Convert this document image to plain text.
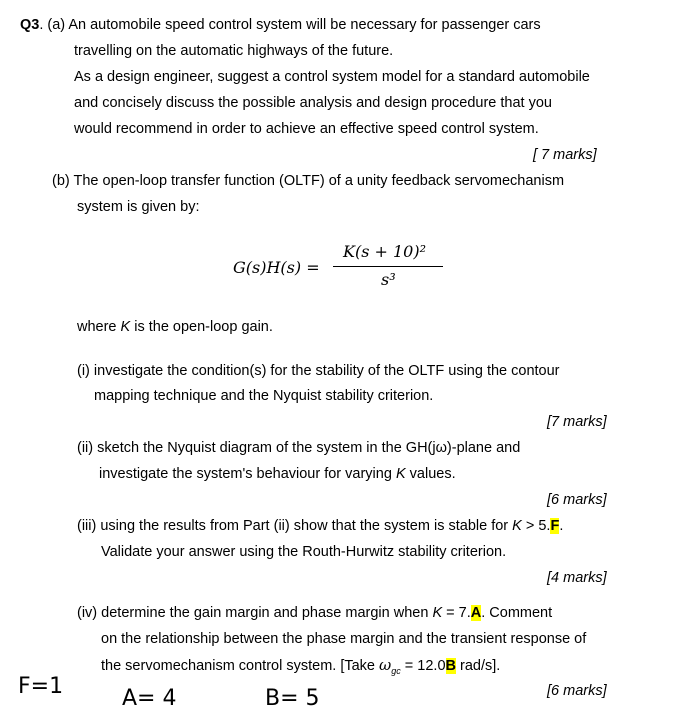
Q3. (a) An automobile speed control system will be necessary for passenger cars
travelling on the automatic highways of the future.
As a design engineer, suggest a control system model for a standard automobile
and concisely discuss the possible analysis and design procedure that you
would recommend in order to achieve an effective speed control system.
[ 7 marks]
(b) The open-loop transfer function (OLTF) of a unity feedback servomechanism
system is given by:
G(s)H(s) =
K(s + 10)²
s³
where K is the open-loop gain.
(i) investigate the condition(s) for the stability of the OLTF using the contour
mapping technique and the Nyquist stability criterion.
[7 marks]
(ii) sketch the Nyquist diagram of the system in the GH(jω)-plane and
investigate the system's behaviour for varying K values.
[6 marks]
(iii) using the results from Part (ii) show that the system is stable for K > 5.F.
Validate your answer using the Routh-Hurwitz stability criterion.
[4 marks]
(iv) determine the gain margin and phase margin when K = 7.A. Comment
on the relationship between the phase margin and the transient response of
the servomechanism control system. [Take $\omega_{gc} = 12.0B$ rad/s].
[6 marks]
F=1	A= 4	B= 5
